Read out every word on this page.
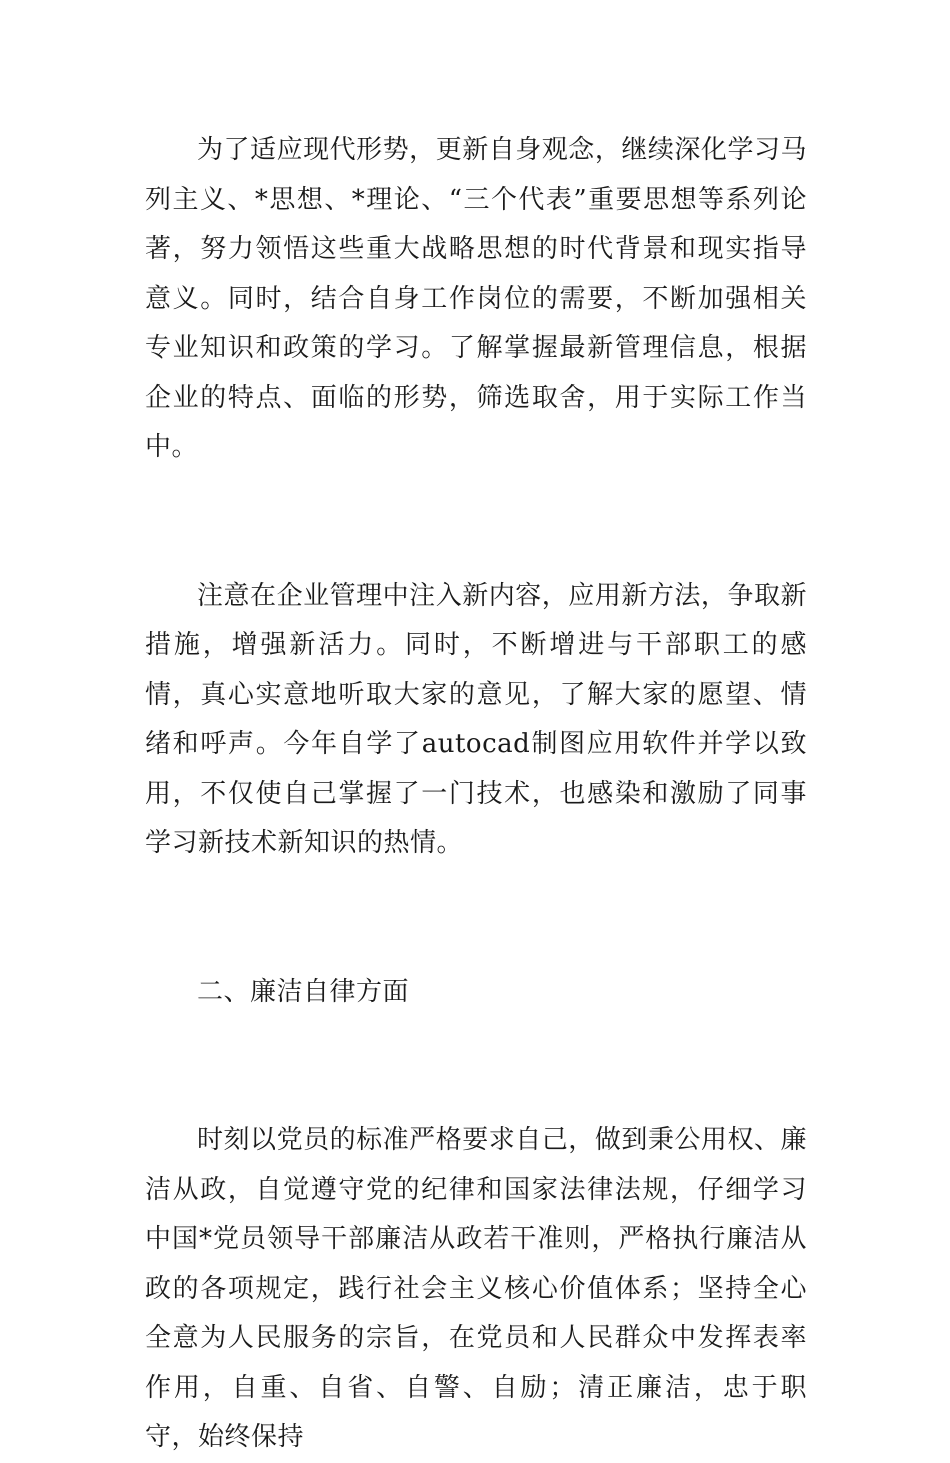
为了适应现代形势，更新自身观念，继续深化学习马列主义、*思想、*理论、“三个代表”重要思想等系列论著，努力领悟这些重大战略思想的时代背景和现实指导意义。同时，结合自身工作岗位的需要，不断加强相关专业知识和政策的学习。了解掌握最新管理信息，根据企业的特点、面临的形势，筛选取舍，用于实际工作当中。

注意在企业管理中注入新内容，应用新方法，争取新措施，增强新活力。同时，不断增进与干部职工的感情，真心实意地听取大家的意见，了解大家的愿望、情绪和呼声。今年自学了autocad制图应用软件并学以致用，不仅使自己掌握了一门技术，也感染和激励了同事学习新技术新知识的热情。

二、廉洁自律方面

时刻以党员的标准严格要求自己，做到秉公用权、廉洁从政，自觉遵守党的纪律和国家法律法规，仔细学习中国*党员领导干部廉洁从政若干准则，严格执行廉洁从政的各项规定，践行社会主义核心价值体系；坚持全心全意为人民服务的宗旨，在党员和人民群众中发挥表率作用，自重、自省、自警、自励；清正廉洁，忠于职守，始终保持
